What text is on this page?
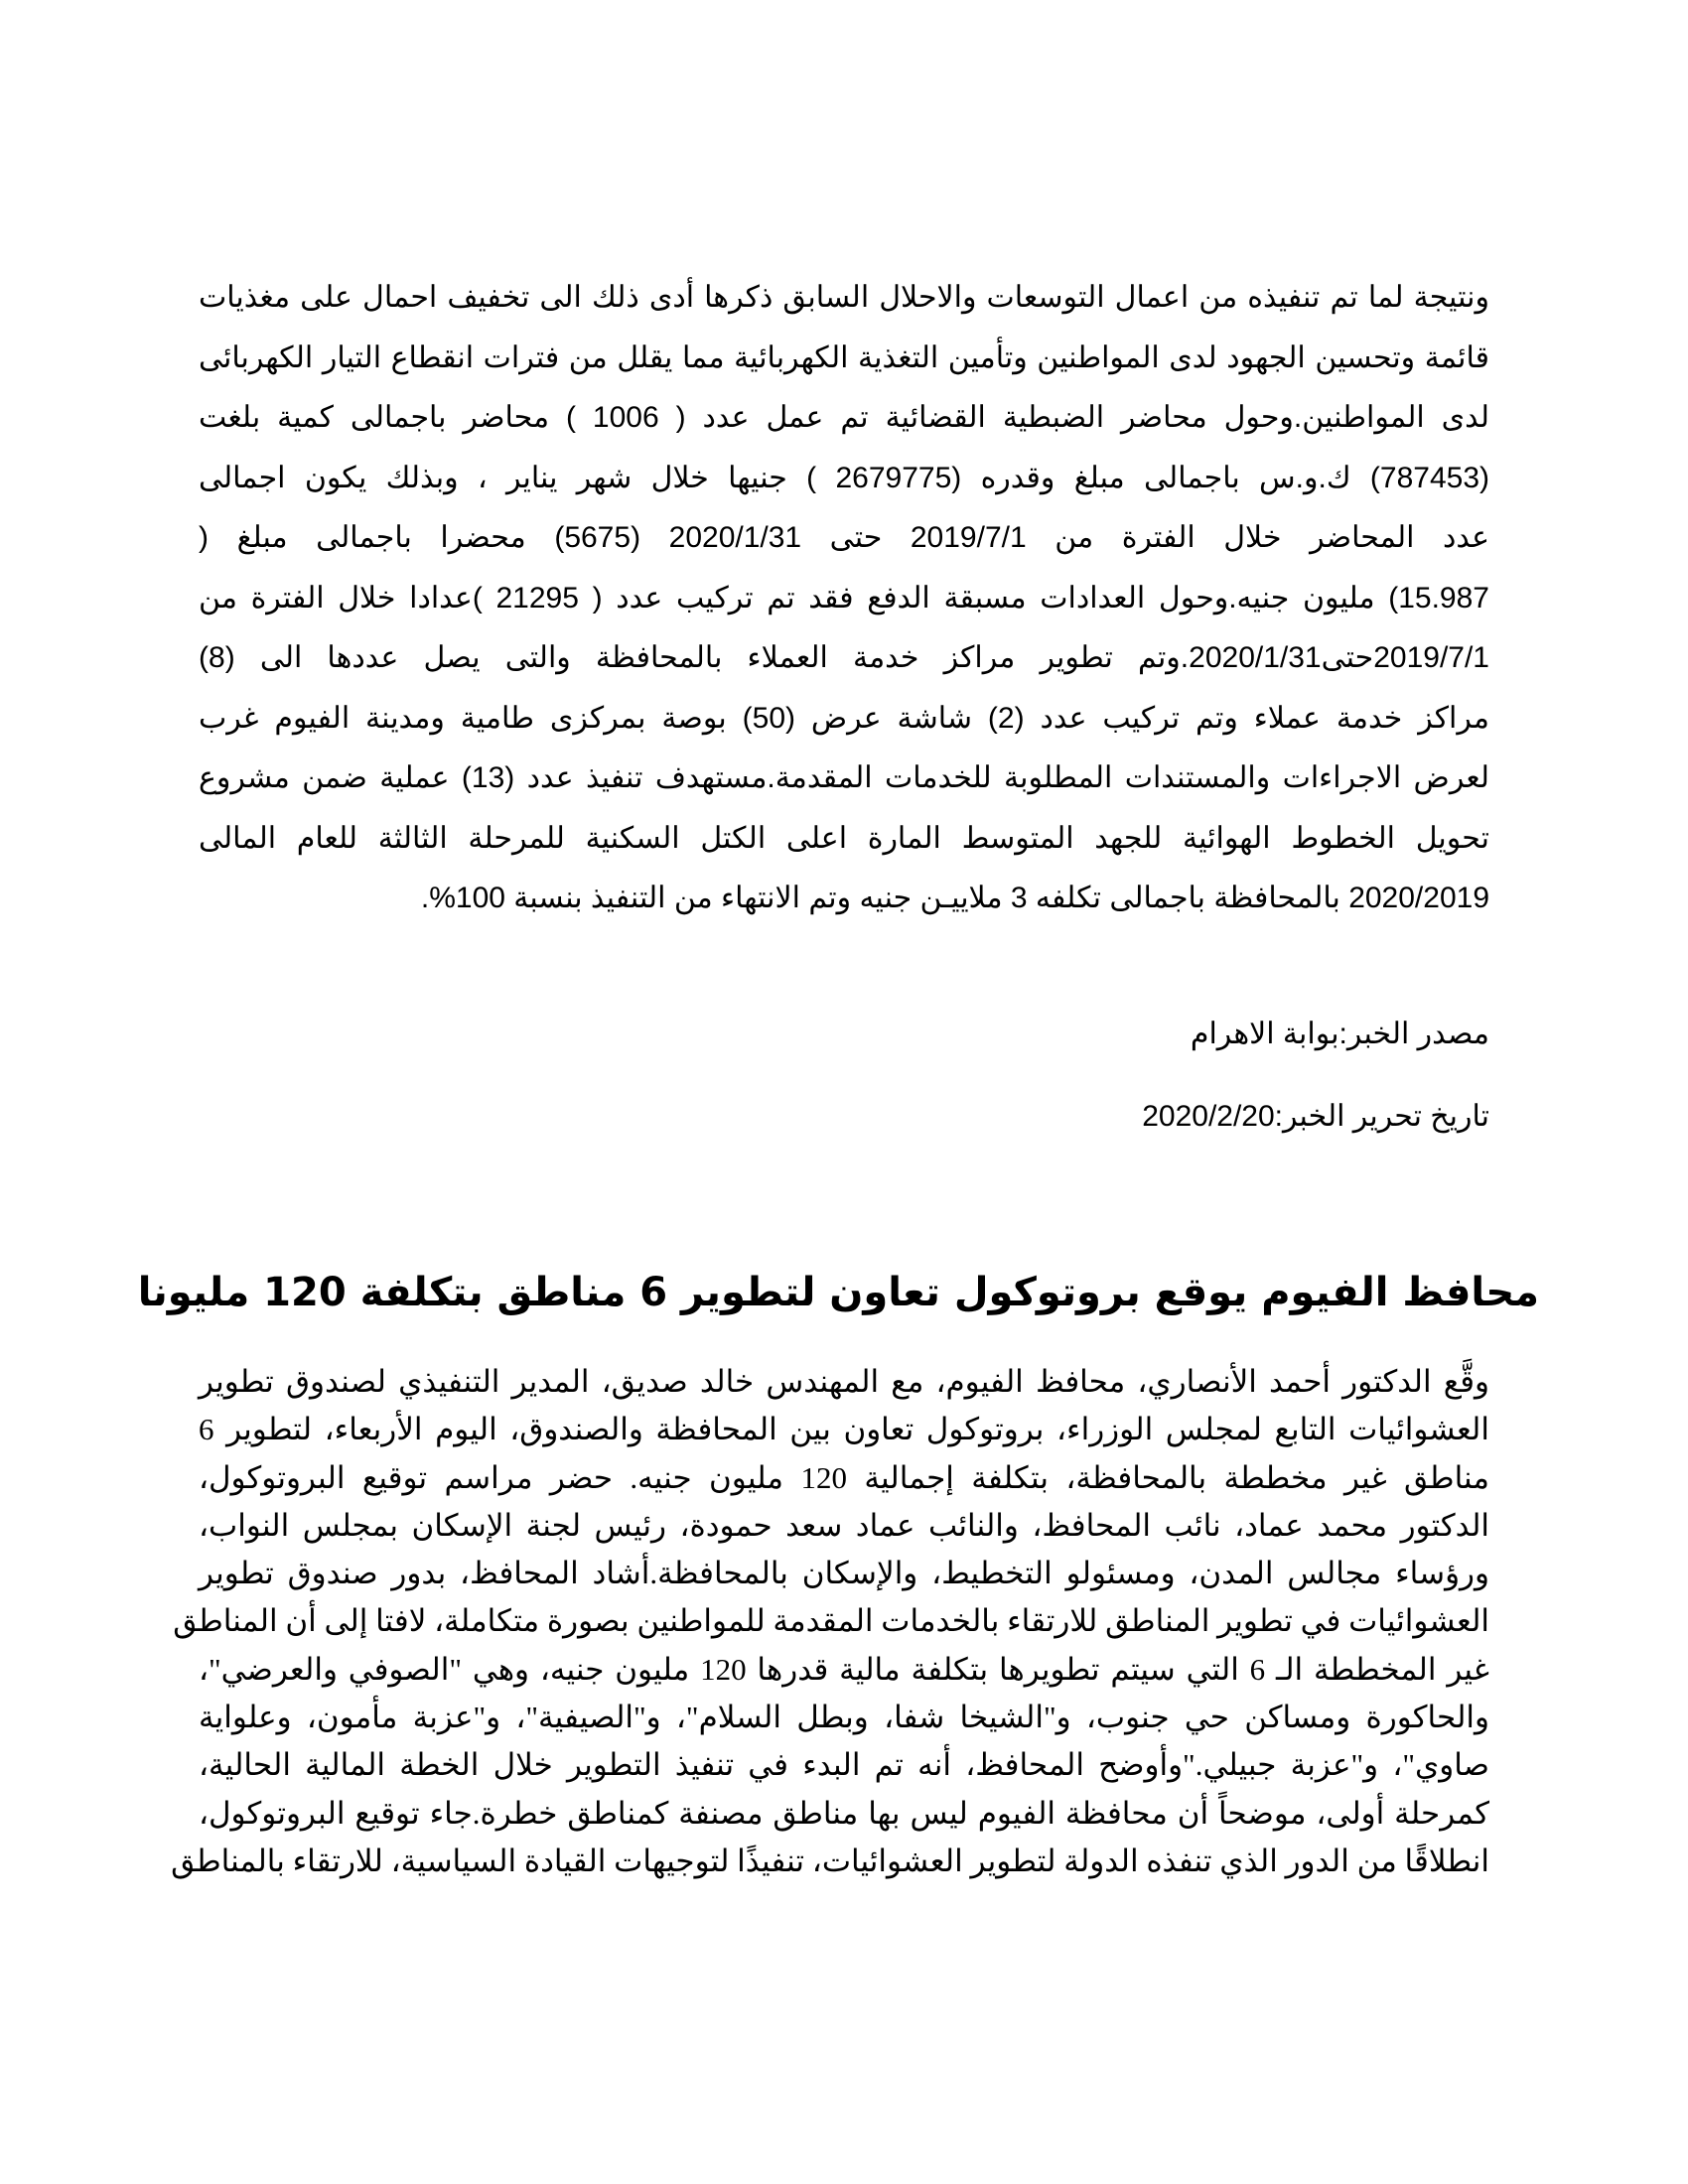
ونتيجة لما تم تنفيذه من اعمال التوسعات والاحلال السابق ذكرها أدى ذلك الى تخفيف احمال على مغذيات
قائمة وتحسين الجهود لدى المواطنين وتأمين التغذية الكهربائية مما يقلل من فترات انقطاع التيار الكهربائى
لدى المواطنين.وحول محاضر الضبطية القضائية تم عمل عدد ( 1006 ) محاضر باجمالى كمية بلغت
(787453) ك.و.س باجمالى مبلغ وقدره (2679775 ) جنيها خلال شهر يناير ، وبذلك يكون اجمالى
عدد المحاضر خلال الفترة من 2019/7/1 حتى 2020/1/31 (5675) محضرا باجمالى مبلغ (
15.987) مليون جنيه.وحول العدادات مسبقة الدفع فقد تم تركيب عدد ( 21295 )عدادا خلال الفترة من
2019/7/1حتى2020/1/31.وتم تطوير مراكز خدمة العملاء بالمحافظة والتى يصل عددها الى (8)
مراكز خدمة عملاء وتم تركيب عدد (2) شاشة عرض (50) بوصة بمركزى طامية ومدينة الفيوم غرب
لعرض الاجراءات والمستندات المطلوبة للخدمات المقدمة.مستهدف تنفيذ عدد (13) عملية ضمن مشروع
تحويل الخطوط الهوائية للجهد المتوسط المارة اعلى الكتل السكنية للمرحلة الثالثة للعام المالى
2020/2019 بالمحافظة باجمالى تكلفه 3 ملاييـن جنيه وتم الانتهاء من التنفيذ بنسبة 100%.
مصدر الخبر:بوابة الاهرام
تاريخ تحرير الخبر:2020/2/20
محافظ الفيوم يوقع بروتوكول تعاون لتطوير 6 مناطق بتكلفة 120 مليونا
وقَّع الدكتور أحمد الأنصاري، محافظ الفيوم، مع المهندس خالد صديق، المدير التنفيذي لصندوق تطوير
العشوائيات التابع لمجلس الوزراء، بروتوكول تعاون بين المحافظة والصندوق، اليوم الأربعاء، لتطوير 6
مناطق غير مخططة بالمحافظة، بتكلفة إجمالية 120 مليون جنيه. حضر مراسم توقيع البروتوكول،
الدكتور محمد عماد، نائب المحافظ، والنائب عماد سعد حمودة، رئيس لجنة الإسكان بمجلس النواب،
ورؤساء مجالس المدن، ومسئولو التخطيط، والإسكان بالمحافظة.أشاد المحافظ، بدور صندوق تطوير
العشوائيات في تطوير المناطق للارتقاء بالخدمات المقدمة للمواطنين بصورة متكاملة، لافتا إلى أن المناطق
غير المخططة الـ 6 التي سيتم تطويرها بتكلفة مالية قدرها 120 مليون جنيه، وهي "الصوفي والعرضي"،
والحاكورة ومساكن حي جنوب، و"الشيخا شفا، وبطل السلام"، و"الصيفية"، و"عزبة مأمون، وعلواية
صاوي"، و"عزبة جبيلي."وأوضح المحافظ، أنه تم البدء في تنفيذ التطوير خلال الخطة المالية الحالية،
كمرحلة أولى، موضحاً أن محافظة الفيوم ليس بها مناطق مصنفة كمناطق خطرة.جاء توقيع البروتوكول،
انطلاقًا من الدور الذي تنفذه الدولة لتطوير العشوائيات، تنفيذًا لتوجيهات القيادة السياسية، للارتقاء بالمناطق
